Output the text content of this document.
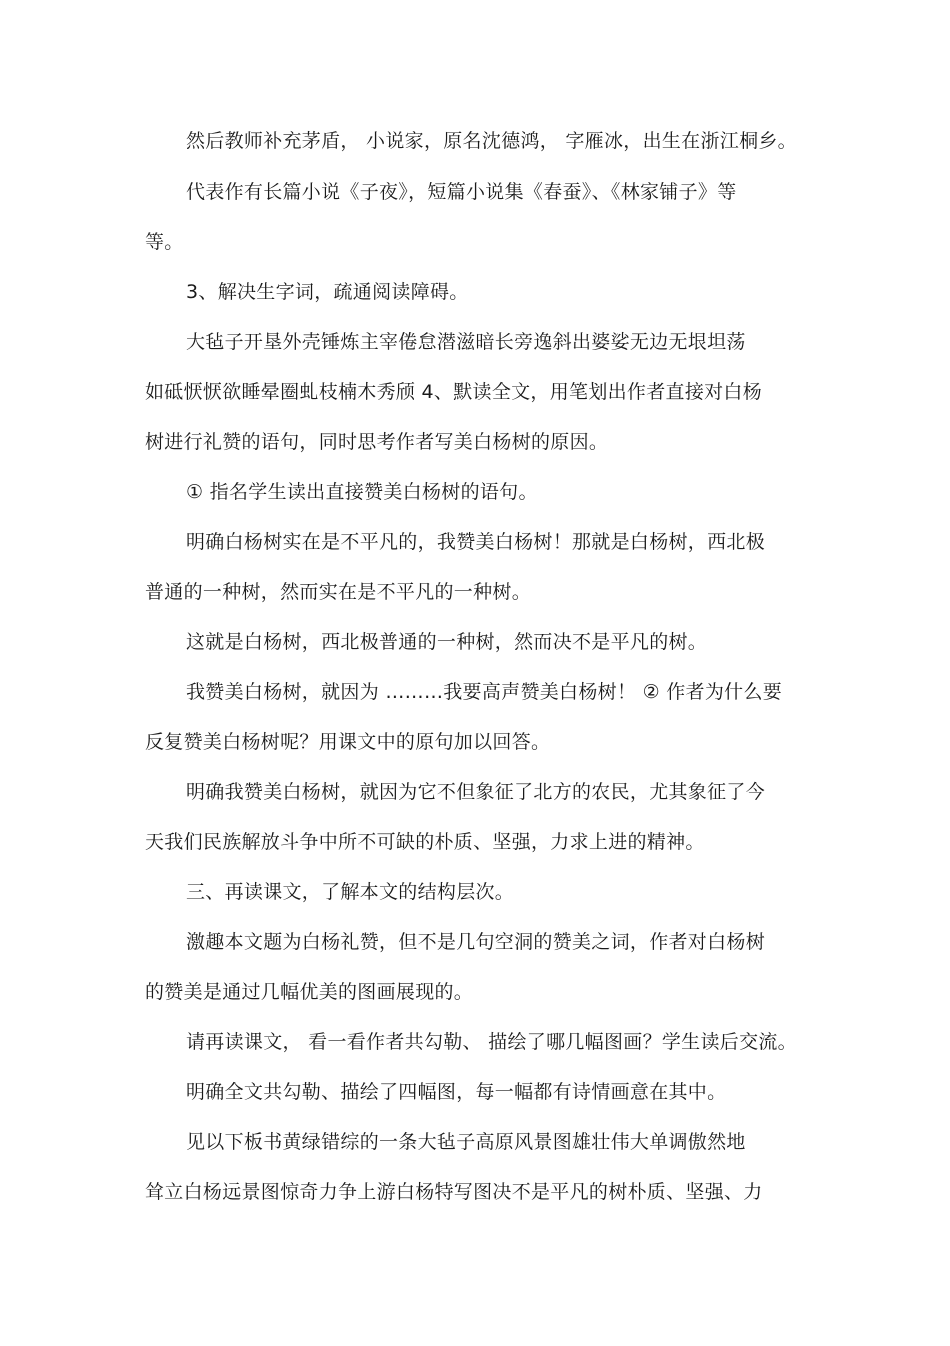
然后教师补充茅盾， 小说家，原名沈德鸿， 字雁冰，出生在浙江桐乡。
代表作有长篇小说《子夜》，短篇小说集《春蚕》、《林家铺子》等
等。
3、解决生字词，疏通阅读障碍。
大毡子开垦外壳锤炼主宰倦怠潜滋暗长旁逸斜出婆娑无边无垠坦荡
如砥恹恹欲睡晕圈虬枝楠木秀颀 4、默读全文，用笔划出作者直接对白杨
树进行礼赞的语句，同时思考作者写美白杨树的原因。
① 指名学生读出直接赞美白杨树的语句。
明确白杨树实在是不平凡的，我赞美白杨树！那就是白杨树，西北极
普通的一种树，然而实在是不平凡的一种树。
这就是白杨树，西北极普通的一种树，然而决不是平凡的树。
我赞美白杨树，就因为 ………我要高声赞美白杨树！ ② 作者为什么要
反复赞美白杨树呢？用课文中的原句加以回答。
明确我赞美白杨树，就因为它不但象征了北方的农民，尤其象征了今
天我们民族解放斗争中所不可缺的朴质、坚强，力求上进的精神。
三、再读课文，了解本文的结构层次。
激趣本文题为白杨礼赞，但不是几句空洞的赞美之词，作者对白杨树
的赞美是通过几幅优美的图画展现的。
请再读课文， 看一看作者共勾勒、 描绘了哪几幅图画？学生读后交流。
明确全文共勾勒、描绘了四幅图，每一幅都有诗情画意在其中。
见以下板书黄绿错综的一条大毡子高原风景图雄壮伟大单调傲然地
耸立白杨远景图惊奇力争上游白杨特写图决不是平凡的树朴质、坚强、力
